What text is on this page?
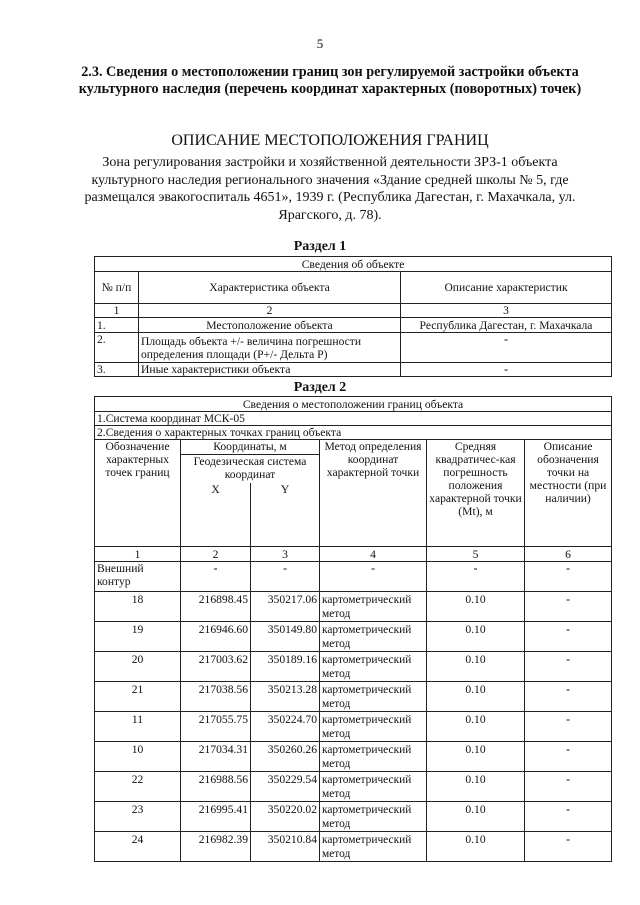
5
2.3. Сведения о местоположении границ зон регулируемой застройки объекта культурного наследия (перечень координат характерных (поворотных) точек)
ОПИСАНИЕ МЕСТОПОЛОЖЕНИЯ ГРАНИЦ
Зона регулирования застройки и хозяйственной деятельности ЗРЗ-1 объекта культурного наследия регионального значения «Здание средней школы № 5, где размещался эвакогоспиталь 4651», 1939 г. (Республика Дагестан, г. Махачкала, ул. Ярагского, д. 78).
Раздел 1
Сведения об объекте		
№ п/п	Характеристика объекта	Описание характеристик
1	2	3
1.	Местоположение объекта	Республика Дагестан, г. Махачкала
2.	Площадь объекта +/- величина погрешности определения площади (Р+/- Дельта Р)	-
3.	Иные характеристики объекта	-
Раздел 2
Сведения о местоположении границ объекта					
1.Система координат МСК-05					
2.Сведения о характерных точках границ объекта					
Обозначение характерных точек границ	Координаты, м		Метод определения координат характерной точки	Средняя квадратичес-кая погрешность положения характерной точки (Mt), м	Описание обозначения точки на местности (при наличии)
	Геодезическая система координат				
	X	Y			
1	2	3	4	5	6
Внешний контур	-	-	-	-	-
18	216898.45	350217.06	картометрический метод	0.10	-
19	216946.60	350149.80	картометрический метод	0.10	-
20	217003.62	350189.16	картометрический метод	0.10	-
21	217038.56	350213.28	картометрический метод	0.10	-
11	217055.75	350224.70	картометрический метод	0.10	-
10	217034.31	350260.26	картометрический метод	0.10	-
22	216988.56	350229.54	картометрический метод	0.10	-
23	216995.41	350220.02	картометрический метод	0.10	-
24	216982.39	350210.84	картометрический метод	0.10	-
